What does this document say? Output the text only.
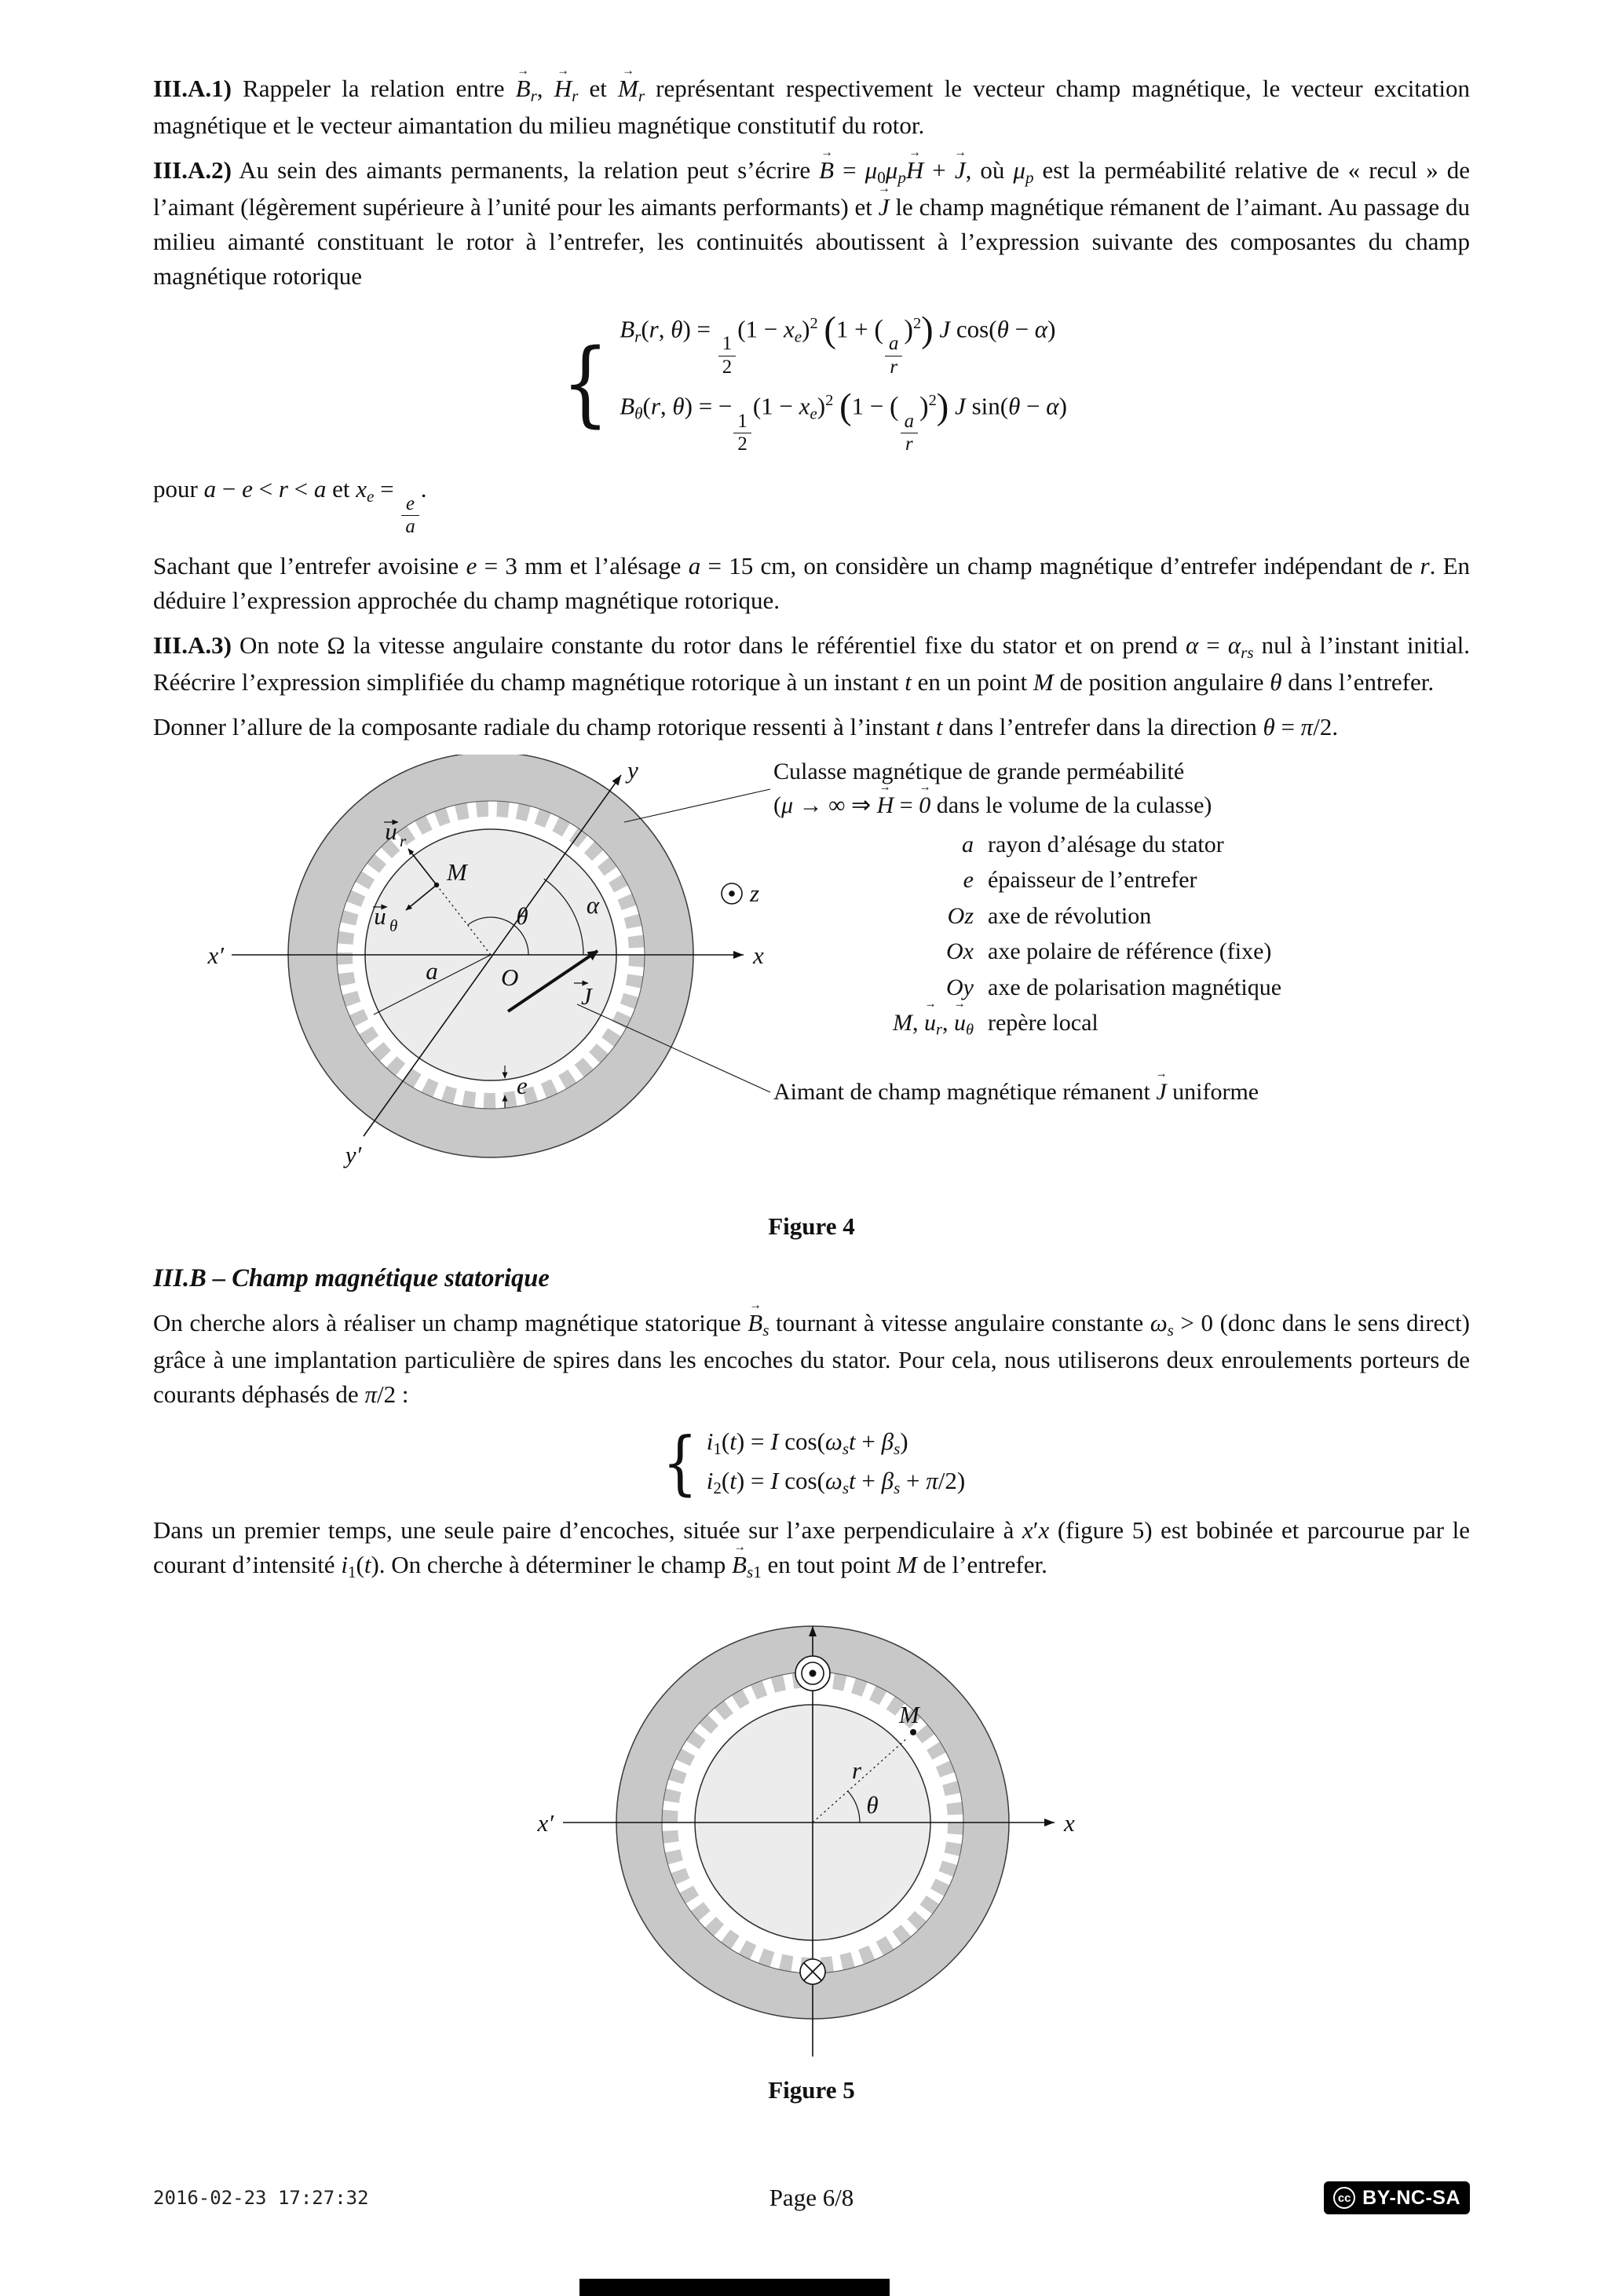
III.A.1) Rappeler la relation entre $B \to_r$, $H \to_r$ et $M \to_r$ représentant respectivement le vecteur champ magnétique, le vecteur excitation magnétique et le vecteur aimantation du milieu magnétique constitutif du rotor.

III.A.2) Au sein des aimants permanents, la relation peut s’écrire B → = $\mu_0\mu_pH$ → + J →, où $\mu_p$ est la perméabilité relative de « recul » de l’aimant (légèrement supérieure à l’unité pour les aimants performants) et J → le champ magnétique rémanent de l’aimant. Au passage du milieu aimanté constituant le rotor à l’entrefer, les continuités aboutissent à l’expression suivante des composantes du champ magnétique rotorique

{ $B_r(r$, θ) =
$\frac{1}{2}$
$(1 - x_e)^2$ (1 + (
$\frac{a}{r}$
)$^2$) J cos(θ − α)
$B_\theta(r$, θ) = −
$\frac{1}{2}$
$(1 - x_e)^2$ (1 − (
$\frac{a}{r}$
)$^2$) J sin(θ − α)

pour a − e < r < a et $x_e$ =
$\frac{e}{a}$
.

Sachant que l’entrefer avoisine e = 3 mm et l’alésage a = 15 cm, on considère un champ magnétique d’entrefer indépendant de r. En déduire l’expression approchée du champ magnétique rotorique.

III.A.3) On note Ω la vitesse angulaire constante du rotor dans le référentiel fixe du stator et on prend $\alpha = \alpha_{rs}$ nul à l’instant initial. Réécrire l’expression simplifiée du champ magnétique rotorique à un instant t en un point M de position angulaire θ dans l’entrefer.

Donner l’allure de la composante radiale du champ rotorique ressenti à l’instant t dans l’entrefer dans la direction θ = π/2.

x
x′
y
y′
z
O
M
θ α
a
e
J
u r
u θ
Culasse magnétique de grande perméabilité
(μ → ∞ ⇒ H → = 0 → dans le volume de la culasse)
a rayon d’alésage du stator
e épaisseur de l’entrefer
Oz axe de révolution
Ox axe polaire de référence (fixe)
Oy axe de polarisation magnétique
M, $u \to_r$, $u \to_\theta$ repère local
Aimant de champ magnétique rémanent J → uniforme
Figure 4
III.B – Champ magnétique statorique

On cherche alors à réaliser un champ magnétique statorique $B \to_s$ tournant à vitesse angulaire constante $\omega_s > 0$ (donc dans le sens direct) grâce à une implantation particulière de spires dans les encoches du stator. Pour cela, nous utiliserons deux enroulements porteurs de courants déphasés de π/2 :

{ $i_1(t) = I$ $\cos(\omega_st + \beta_s)$
$i_2(t) = I$ $\cos(\omega_st + \beta_s + \pi/2)$

Dans un premier temps, une seule paire d’encoches, située sur l’axe perpendiculaire à x′x (figure 5) est bobinée et parcourue par le courant d’intensité $i_1(t)$. On cherche à déterminer le champ $B \to_{s1}$ en tout point M de l’entrefer.

x
x′
M
r
θ
Figure 5
2016-02-23 17:27:32	Page 6/8	cc BY-NC-SA
